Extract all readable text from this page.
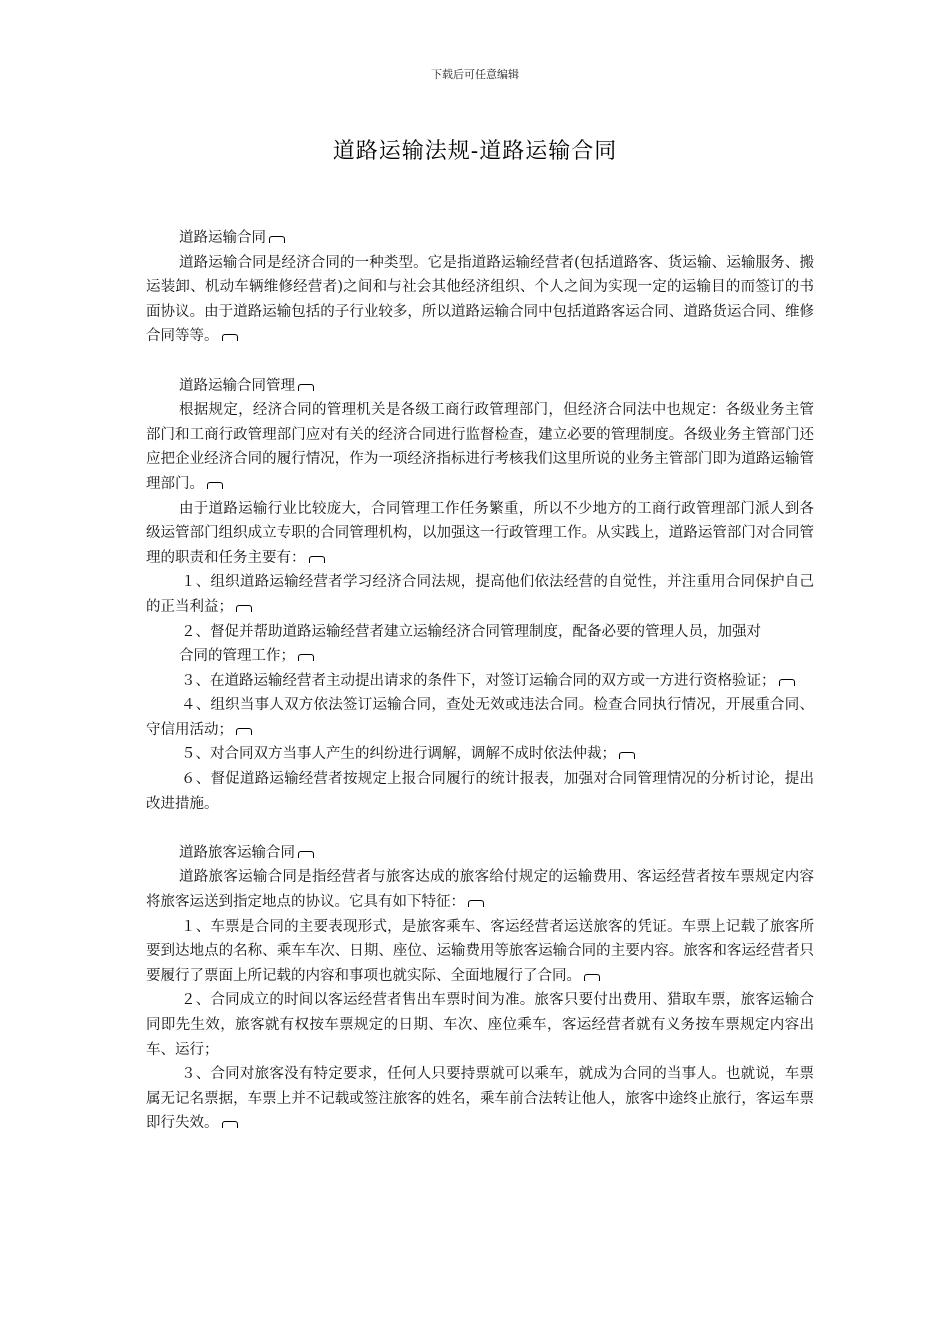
下载后可任意编辑
道路运输法规-道路运输合同

道路运输合同

道路运输合同是经济合同的一种类型。它是指道路运输经营者(包括道路客、货运输、运输服务、搬运装卸、机动车辆维修经营者)之间和与社会其他经济组织、个人之间为实现一定的运输目的而签订的书面协议。由于道路运输包括的子行业较多，所以道路运输合同中包括道路客运合同、道路货运合同、维修合同等等。

道路运输合同管理

根据规定，经济合同的管理机关是各级工商行政管理部门，但经济合同法中也规定：各级业务主管部门和工商行政管理部门应对有关的经济合同进行监督检查，建立必要的管理制度。各级业务主管部门还应把企业经济合同的履行情况，作为一项经济指标进行考核我们这里所说的业务主管部门即为道路运输管理部门。

由于道路运输行业比较庞大，合同管理工作任务繁重，所以不少地方的工商行政管理部门派人到各级运管部门组织成立专职的合同管理机构，以加强这一行政管理工作。从实践上，道路运管部门对合同管理的职责和任务主要有：

１、组织道路运输经营者学习经济合同法规，提高他们依法经营的自觉性，并注重用合同保护自己的正当利益；

２、督促并帮助道路运输经营者建立运输经济合同管理制度，配备必要的管理人员，加强对

合同的管理工作；

３、在道路运输经营者主动提出请求的条件下，对签订运输合同的双方或一方进行资格验证；

４、组织当事人双方依法签订运输合同，查处无效或违法合同。检查合同执行情况，开展重合同、守信用活动；

５、对合同双方当事人产生的纠纷进行调解，调解不成时依法仲裁；

６、督促道路运输经营者按规定上报合同履行的统计报表，加强对合同管理情况的分析讨论，提出改进措施。

道路旅客运输合同

道路旅客运输合同是指经营者与旅客达成的旅客给付规定的运输费用、客运经营者按车票规定内容将旅客运送到指定地点的协议。它具有如下特征：

１、车票是合同的主要表现形式，是旅客乘车、客运经营者运送旅客的凭证。车票上记载了旅客所要到达地点的名称、乘车车次、日期、座位、运输费用等旅客运输合同的主要内容。旅客和客运经营者只要履行了票面上所记载的内容和事项也就实际、全面地履行了合同。

２、合同成立的时间以客运经营者售出车票时间为准。旅客只要付出费用、猎取车票，旅客运输合同即先生效，旅客就有权按车票规定的日期、车次、座位乘车，客运经营者就有义务按车票规定内容出车、运行；

３、合同对旅客没有特定要求，任何人只要持票就可以乘车，就成为合同的当事人。也就说，车票属无记名票据，车票上并不记载或签注旅客的姓名，乘车前合法转让他人，旅客中途终止旅行，客运车票即行失效。
